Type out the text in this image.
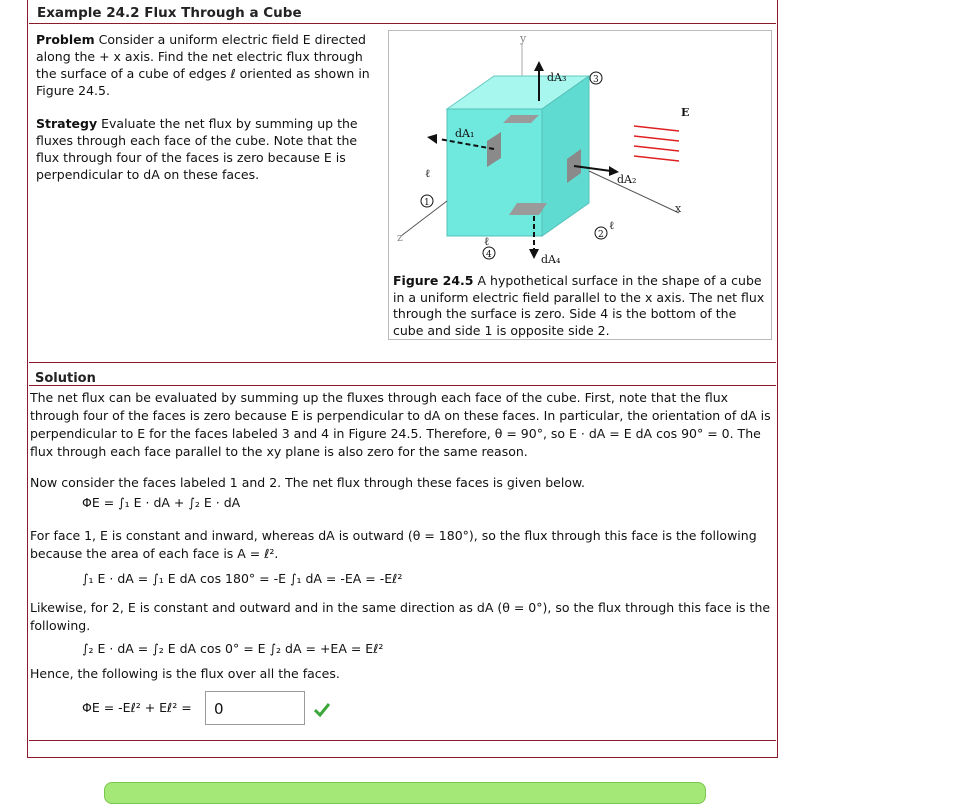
Example 24.2 Flux Through a Cube
Problem Consider a uniform electric field E directed along the + x axis. Find the net electric flux through the surface of a cube of edges ℓ oriented as shown in Figure 24.5.
Strategy Evaluate the net flux by summing up the fluxes through each face of the cube. Note that the flux through four of the faces is zero because E is perpendicular to dA on these faces.
y
x
z
E
dA₃
dA₁
dA₂
dA₄
ℓ
ℓ
ℓ
3
1
2
4
Figure 24.5 A hypothetical surface in the shape of a cube in a uniform electric field parallel to the x axis. The net flux through the surface is zero. Side 4 is the bottom of the cube and side 1 is opposite side 2.
Solution
The net flux can be evaluated by summing up the fluxes through each face of the cube. First, note that the flux through four of the faces is zero because E is perpendicular to dA on these faces. In particular, the orientation of dA is perpendicular to E for the faces labeled 3 and 4 in Figure 24.5. Therefore, θ = 90°, so E · dA = E dA cos 90° = 0. The flux through each face parallel to the xy plane is also zero for the same reason.
Now consider the faces labeled 1 and 2. The net flux through these faces is given below.
ΦE = ∫₁ E · dA + ∫₂ E · dA
For face 1, E is constant and inward, whereas dA is outward (θ = 180°), so the flux through this face is the following because the area of each face is A = ℓ².
∫₁ E · dA = ∫₁ E dA cos 180° = -E ∫₁ dA = -EA = -Eℓ²
Likewise, for 2, E is constant and outward and in the same direction as dA (θ = 0°), so the flux through this face is the following.
∫₂ E · dA = ∫₂ E dA cos 0° = E ∫₂ dA = +EA = Eℓ²
Hence, the following is the flux over all the faces.
ΦE = -Eℓ² + Eℓ² =	0
